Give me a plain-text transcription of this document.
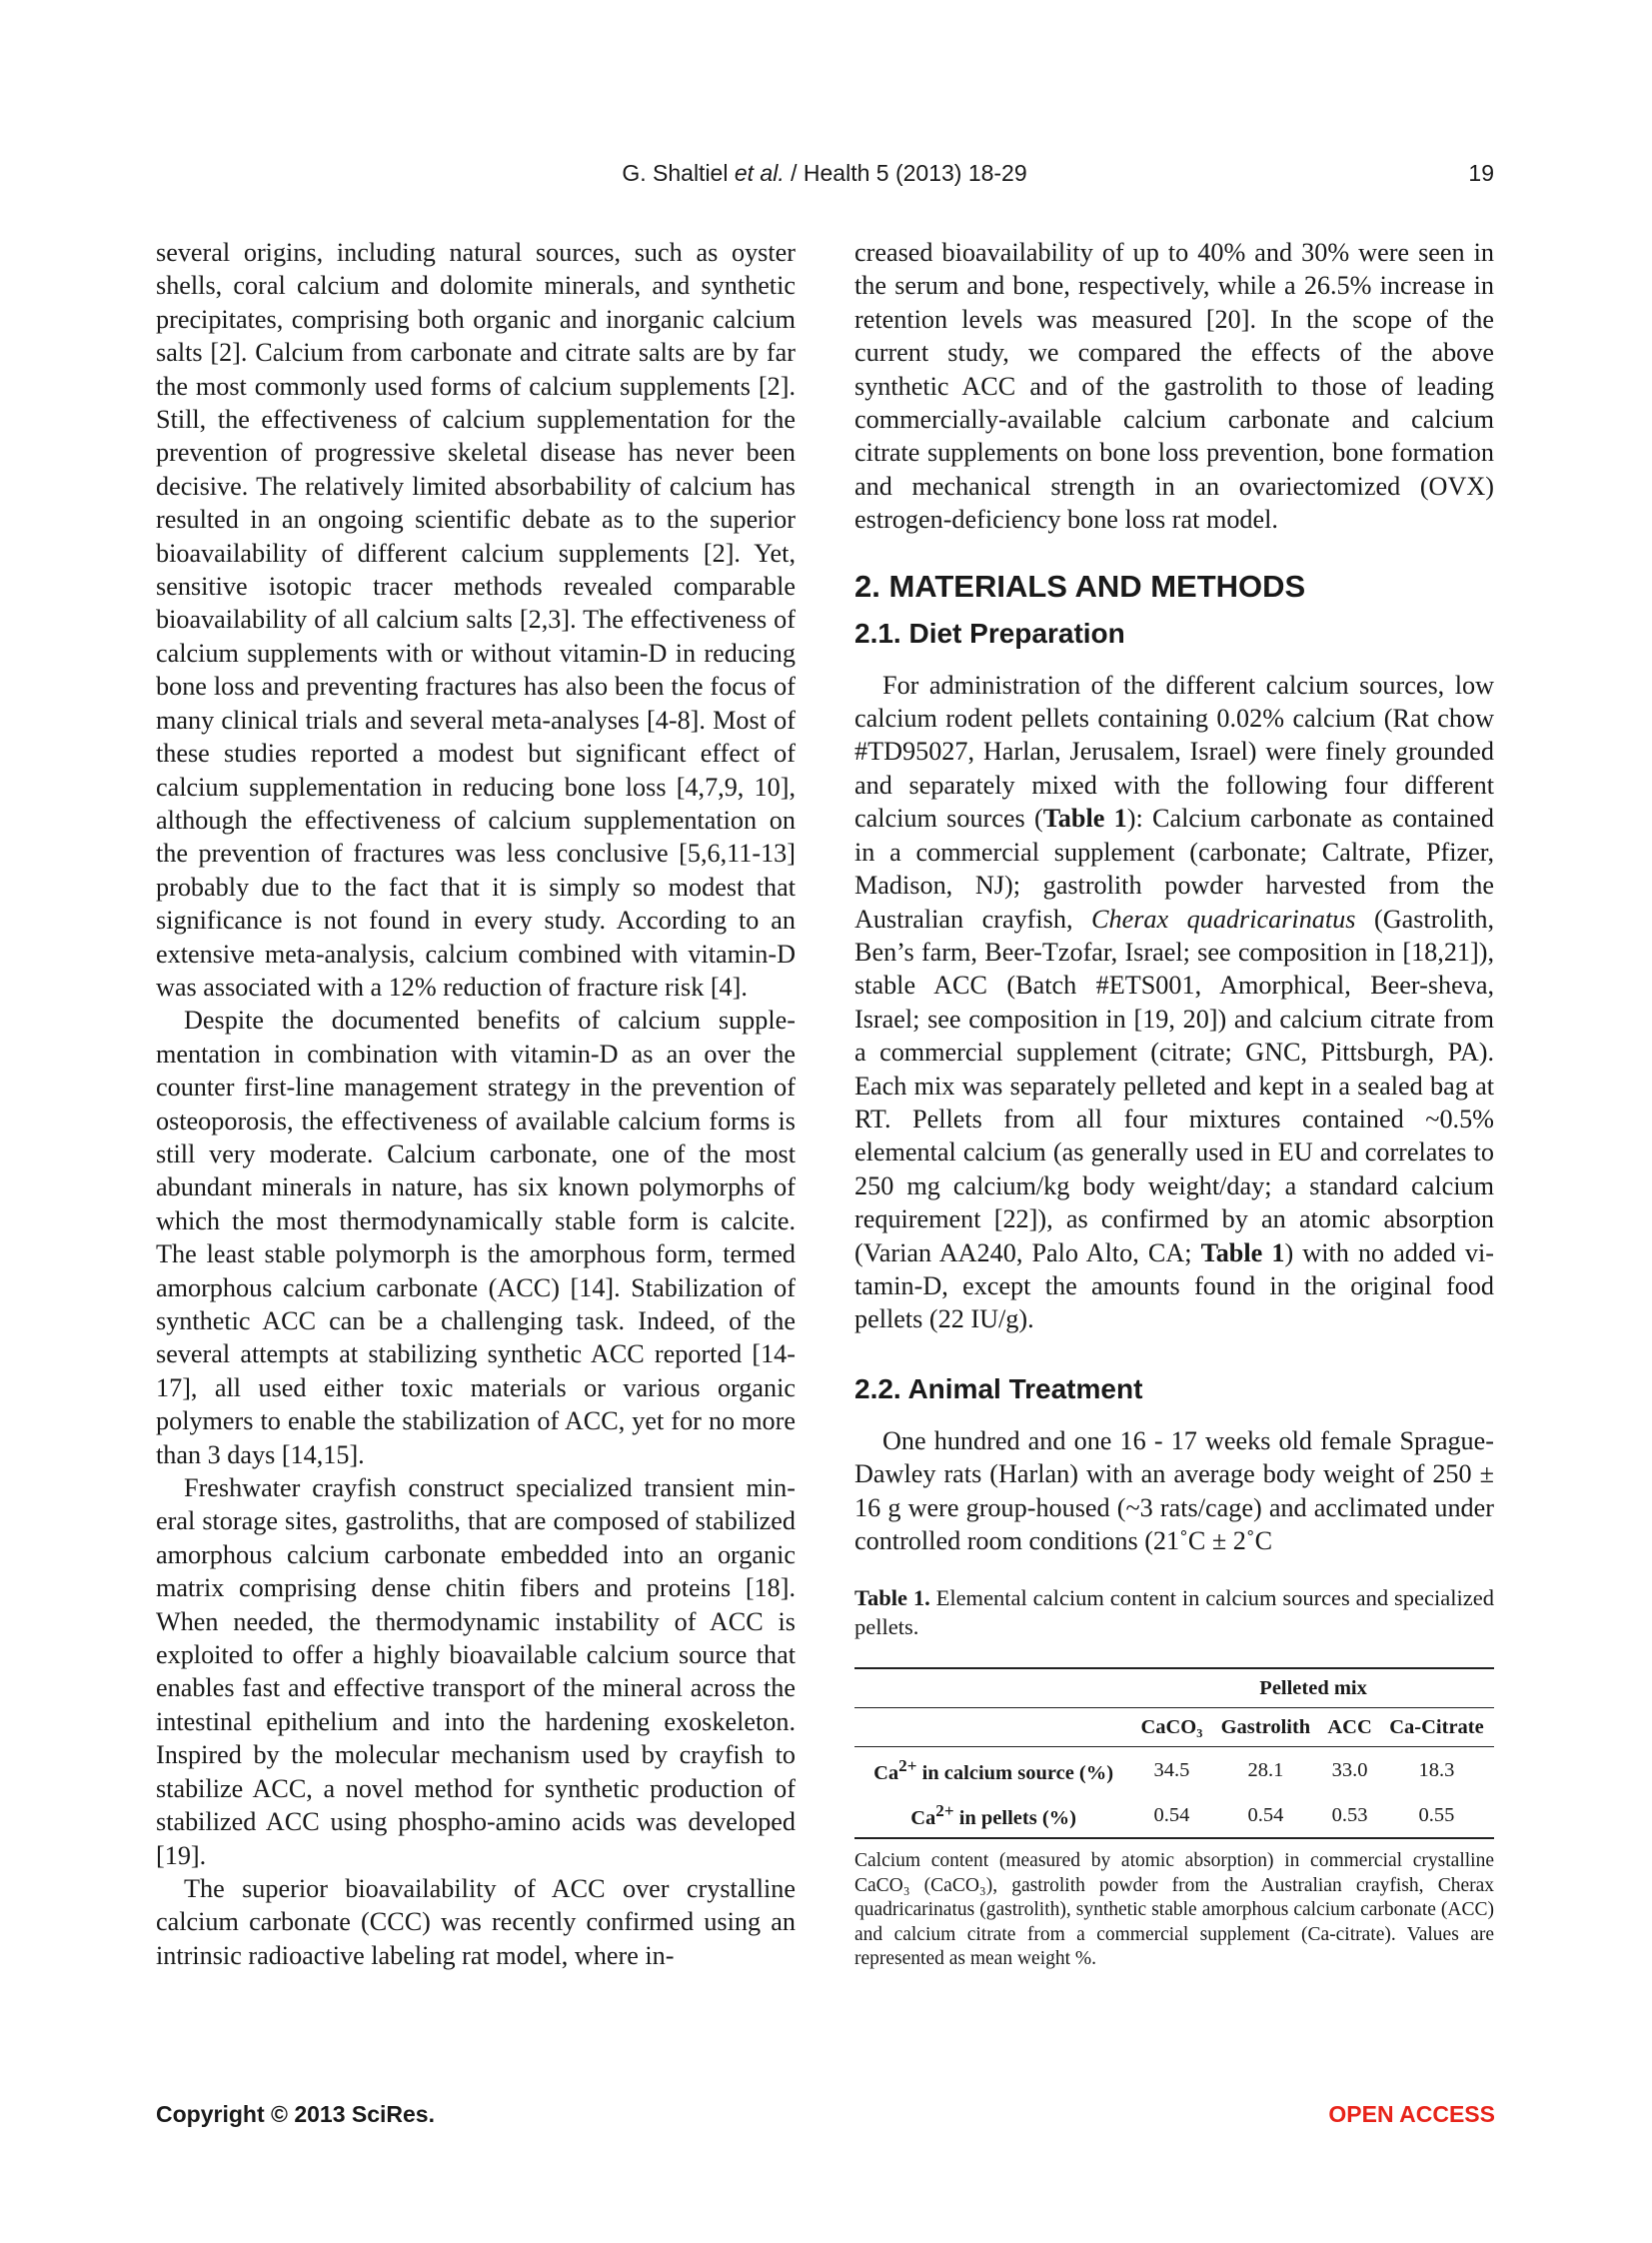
G. Shaltiel et al. / Health 5 (2013) 18-29	19

several origins, including natural sources, such as oyster shells, coral calcium and dolomite minerals, and synthetic precipitates, comprising both organic and inorganic calcium salts [2]. Calcium from carbonate and citrate salts are by far the most commonly used forms of calcium supplements [2]. Still, the effectiveness of calcium supplementation for the prevention of progressive skeletal disease has never been decisive. The relatively limited absorbability of calcium has resulted in an ongoing scientific debate as to the superior bioavailability of different calcium supplements [2]. Yet, sensitive isotopic tracer methods revealed comparable bioavailability of all calcium salts [2,3]. The effectiveness of calcium supplements with or without vitamin-D in reducing bone loss and preventing fractures has also been the focus of many clinical trials and several meta-analyses [4-8]. Most of these studies reported a modest but significant effect of calcium supplementation in reducing bone loss [4,7,9, 10], although the effectiveness of calcium supplementation on the prevention of fractures was less conclusive [5,6,11-13] probably due to the fact that it is simply so modest that significance is not found in every study. According to an extensive meta-analysis, calcium combined with vitamin-D was associated with a 12% reduction of fracture risk [4].

Despite the documented benefits of calcium supplementation in combination with vitamin-D as an over the counter first-line management strategy in the prevention of osteoporosis, the effectiveness of available calcium forms is still very moderate. Calcium carbonate, one of the most abundant minerals in nature, has six known polymorphs of which the most thermodynamically stable form is calcite. The least stable polymorph is the amorphous form, termed amorphous calcium carbonate (ACC) [14]. Stabilization of synthetic ACC can be a challenging task. Indeed, of the several attempts at stabilizing synthetic ACC reported [14-17], all used either toxic materials or various organic polymers to enable the stabilization of ACC, yet for no more than 3 days [14,15].

Freshwater crayfish construct specialized transient mineral storage sites, gastroliths, that are composed of stabilized amorphous calcium carbonate embedded into an organic matrix comprising dense chitin fibers and proteins [18]. When needed, the thermodynamic instability of ACC is exploited to offer a highly bioavailable calcium source that enables fast and effective transport of the mineral across the intestinal epithelium and into the hardening exoskeleton. Inspired by the molecular mechanism used by crayfish to stabilize ACC, a novel method for synthetic production of stabilized ACC using phospho-amino acids was developed [19].

The superior bioavailability of ACC over crystalline calcium carbonate (CCC) was recently confirmed using an intrinsic radioactive labeling rat model, where in-

creased bioavailability of up to 40% and 30% were seen in the serum and bone, respectively, while a 26.5% increase in retention levels was measured [20]. In the scope of the current study, we compared the effects of the above synthetic ACC and of the gastrolith to those of leading commercially-available calcium carbonate and calcium citrate supplements on bone loss prevention, bone formation and mechanical strength in an ovariectomized (OVX) estrogen-deficiency bone loss rat model.

2. MATERIALS AND METHODS
2.1. Diet Preparation

For administration of the different calcium sources, low calcium rodent pellets containing 0.02% calcium (Rat chow #TD95027, Harlan, Jerusalem, Israel) were finely grounded and separately mixed with the following four different calcium sources (Table 1): Calcium carbonate as contained in a commercial supplement (carbonate; Caltrate, Pfizer, Madison, NJ); gastrolith powder harvested from the Australian crayfish, Cherax quadricarinatus (Gastrolith, Ben’s farm, Beer-Tzofar, Israel; see composition in [18,21]), stable ACC (Batch #ETS001, Amorphical, Beer-sheva, Israel; see composition in [19, 20]) and calcium citrate from a commercial supplement (citrate; GNC, Pittsburgh, PA). Each mix was separately pelleted and kept in a sealed bag at RT. Pellets from all four mixtures contained ~0.5% elemental calcium (as generally used in EU and correlates to 250 mg calcium/kg body weight/day; a standard calcium requirement [22]), as confirmed by an atomic absorption (Varian AA240, Palo Alto, CA; Table 1) with no added vitamin-D, except the amounts found in the original food pellets (22 IU/g).

2.2. Animal Treatment

One hundred and one 16 - 17 weeks old female Sprague-Dawley rats (Harlan) with an average body weight of 250 ± 16 g were group-housed (~3 rats/cage) and acclimated under controlled room conditions (21˚C ± 2˚C

Table 1. Elemental calcium content in calcium sources and specialized pellets.
	Pelleted mix			
	CaCO₃	Gastrolith	ACC	Ca-Citrate
$Ca^{2+}$ in calcium source (%)	34.5	28.1	33.0	18.3
$Ca^{2+}$ in pellets (%)	0.54	0.54	0.53	0.55
Calcium content (measured by atomic absorption) in commercial crystalline CaCO₃ (CaCO₃), gastrolith powder from the Australian crayfish, Cherax quadricarinatus (gastrolith), synthetic stable amorphous calcium carbonate (ACC) and calcium citrate from a commercial supplement (Ca-citrate). Values are represented as mean weight %.
Copyright © 2013 SciRes.	OPEN ACCESS
